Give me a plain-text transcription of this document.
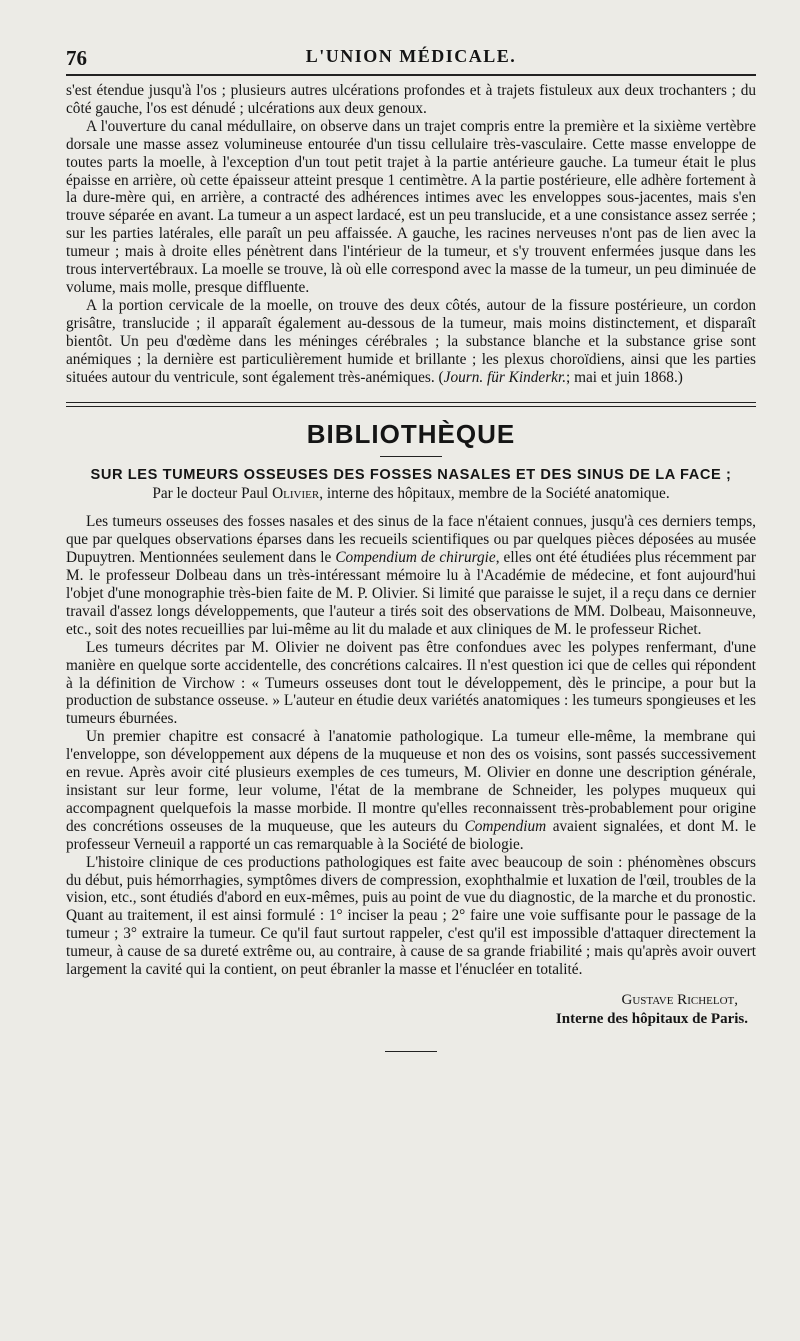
76	L'UNION MÉDICALE.

s'est étendue jusqu'à l'os ; plusieurs autres ulcérations profondes et à trajets fistuleux aux deux trochanters ; du côté gauche, l'os est dénudé ; ulcérations aux deux genoux.

A l'ouverture du canal médullaire, on observe dans un trajet compris entre la première et la sixième vertèbre dorsale une masse assez volumineuse entourée d'un tissu cellulaire très-vasculaire. Cette masse enveloppe de toutes parts la moelle, à l'exception d'un tout petit trajet à la partie antérieure gauche. La tumeur était le plus épaisse en arrière, où cette épaisseur atteint presque 1 centimètre. A la partie postérieure, elle adhère fortement à la dure-mère qui, en arrière, a contracté des adhérences intimes avec les enveloppes sous-jacentes, mais s'en trouve séparée en avant. La tumeur a un aspect lardacé, est un peu translucide, et a une consistance assez serrée ; sur les parties latérales, elle paraît un peu affaissée. A gauche, les racines nerveuses n'ont pas de lien avec la tumeur ; mais à droite elles pénètrent dans l'intérieur de la tumeur, et s'y trouvent enfermées jusque dans les trous intervertébraux. La moelle se trouve, là où elle correspond avec la masse de la tumeur, un peu diminuée de volume, mais molle, presque diffluente.

A la portion cervicale de la moelle, on trouve des deux côtés, autour de la fissure postérieure, un cordon grisâtre, translucide ; il apparaît également au-dessous de la tumeur, mais moins distinctement, et disparaît bientôt. Un peu d'œdème dans les méninges cérébrales ; la substance blanche et la substance grise sont anémiques ; la dernière est particulièrement humide et brillante ; les plexus choroïdiens, ainsi que les parties situées autour du ventricule, sont également très-anémiques. (Journ. für Kinderkr.; mai et juin 1868.)

BIBLIOTHÈQUE
SUR LES TUMEURS OSSEUSES DES FOSSES NASALES ET DES SINUS DE LA FACE ;
Par le docteur Paul Olivier, interne des hôpitaux, membre de la Société anatomique.

Les tumeurs osseuses des fosses nasales et des sinus de la face n'étaient connues, jusqu'à ces derniers temps, que par quelques observations éparses dans les recueils scientifiques ou par quelques pièces déposées au musée Dupuytren. Mentionnées seulement dans le Compendium de chirurgie, elles ont été étudiées plus récemment par M. le professeur Dolbeau dans un très-intéressant mémoire lu à l'Académie de médecine, et font aujourd'hui l'objet d'une monographie très-bien faite de M. P. Olivier. Si limité que paraisse le sujet, il a reçu dans ce dernier travail d'assez longs développements, que l'auteur a tirés soit des observations de MM. Dolbeau, Maisonneuve, etc., soit des notes recueillies par lui-même au lit du malade et aux cliniques de M. le professeur Richet.

Les tumeurs décrites par M. Olivier ne doivent pas être confondues avec les polypes renfermant, d'une manière en quelque sorte accidentelle, des concrétions calcaires. Il n'est question ici que de celles qui répondent à la définition de Virchow : « Tumeurs osseuses dont tout le développement, dès le principe, a pour but la production de substance osseuse. » L'auteur en étudie deux variétés anatomiques : les tumeurs spongieuses et les tumeurs éburnées.

Un premier chapitre est consacré à l'anatomie pathologique. La tumeur elle-même, la membrane qui l'enveloppe, son développement aux dépens de la muqueuse et non des os voisins, sont passés successivement en revue. Après avoir cité plusieurs exemples de ces tumeurs, M. Olivier en donne une description générale, insistant sur leur forme, leur volume, l'état de la membrane de Schneider, les polypes muqueux qui accompagnent quelquefois la masse morbide. Il montre qu'elles reconnaissent très-probablement pour origine des concrétions osseuses de la muqueuse, que les auteurs du Compendium avaient signalées, et dont M. le professeur Verneuil a rapporté un cas remarquable à la Société de biologie.

L'histoire clinique de ces productions pathologiques est faite avec beaucoup de soin : phénomènes obscurs du début, puis hémorrhagies, symptômes divers de compression, exophthalmie et luxation de l'œil, troubles de la vision, etc., sont étudiés d'abord en eux-mêmes, puis au point de vue du diagnostic, de la marche et du pronostic. Quant au traitement, il est ainsi formulé : 1° inciser la peau ; 2° faire une voie suffisante pour le passage de la tumeur ; 3° extraire la tumeur. Ce qu'il faut surtout rappeler, c'est qu'il est impossible d'attaquer directement la tumeur, à cause de sa dureté extrême ou, au contraire, à cause de sa grande friabilité ; mais qu'après avoir ouvert largement la cavité qui la contient, on peut ébranler la masse et l'énucléer en totalité.

Gustave Richelot,
Interne des hôpitaux de Paris.
